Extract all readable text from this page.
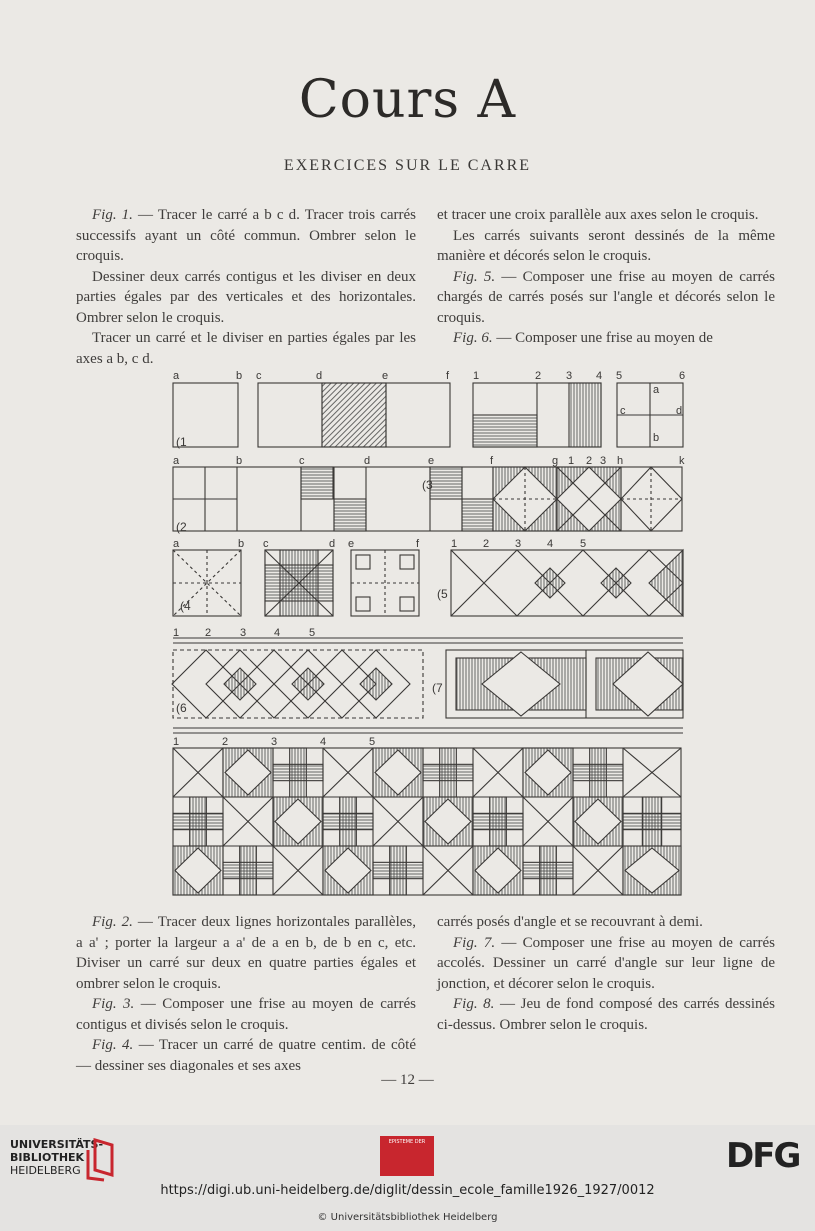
Cours A
EXERCICES SUR LE CARRE

Fig. 1. — Tracer le carré a b c d. Tracer trois carrés successifs ayant un côté commun. Ombrer selon le croquis.

Dessiner deux carrés contigus et les diviser en deux parties égales par des verticales et des horizontales. Ombrer selon le croquis.

Tracer un carré et le diviser en parties égales par les axes a b, c d.

et tracer une croix parallèle aux axes selon le croquis.

Les carrés suivants seront dessinés de la même manière et décorés selon le croquis.

Fig. 5. — Composer une frise au moyen de carrés chargés de carrés posés sur l'angle et décorés selon le croquis.

Fig. 6. — Composer une frise au moyen de

Fig. 2. — Tracer deux lignes horizontales parallèles, a a' ; porter la largeur a a' de a en b, de b en c, etc. Diviser un carré sur deux en quatre parties égales et ombrer selon le croquis.

Fig. 3. — Composer une frise au moyen de carrés contigus et divisés selon le croquis.

Fig. 4. — Tracer un carré de quatre centim. de côté — dessiner ses diagonales et ses axes

carrés posés d'angle et se recouvrant à demi.

Fig. 7. — Composer une frise au moyen de carrés accolés. Dessiner un carré d'angle sur leur ligne de jonction, et décorer selon le croquis.

Fig. 8. — Jeu de fond composé des carrés dessinés ci-dessus. Ombrer selon le croquis.

a	b c	d	e	f 1	2 3 4 5	6
a
c	d
b
a	b	c	d	e	f	g 1 2 3 h	k
a	b c	d e	f	1 2 3 4 5
1 2	3	4	5
1	2	3	4	5
(1
(2
(3
(4
(5
(6
(7
— 12 —
UNIVERSITÄTS-
BIBLIOTHEK
HEIDELBERG
EPISTEME DER	DFG
https://digi.ub.uni-heidelberg.de/diglit/dessin_ecole_famille1926_1927/0012
© Universitätsbibliothek Heidelberg
